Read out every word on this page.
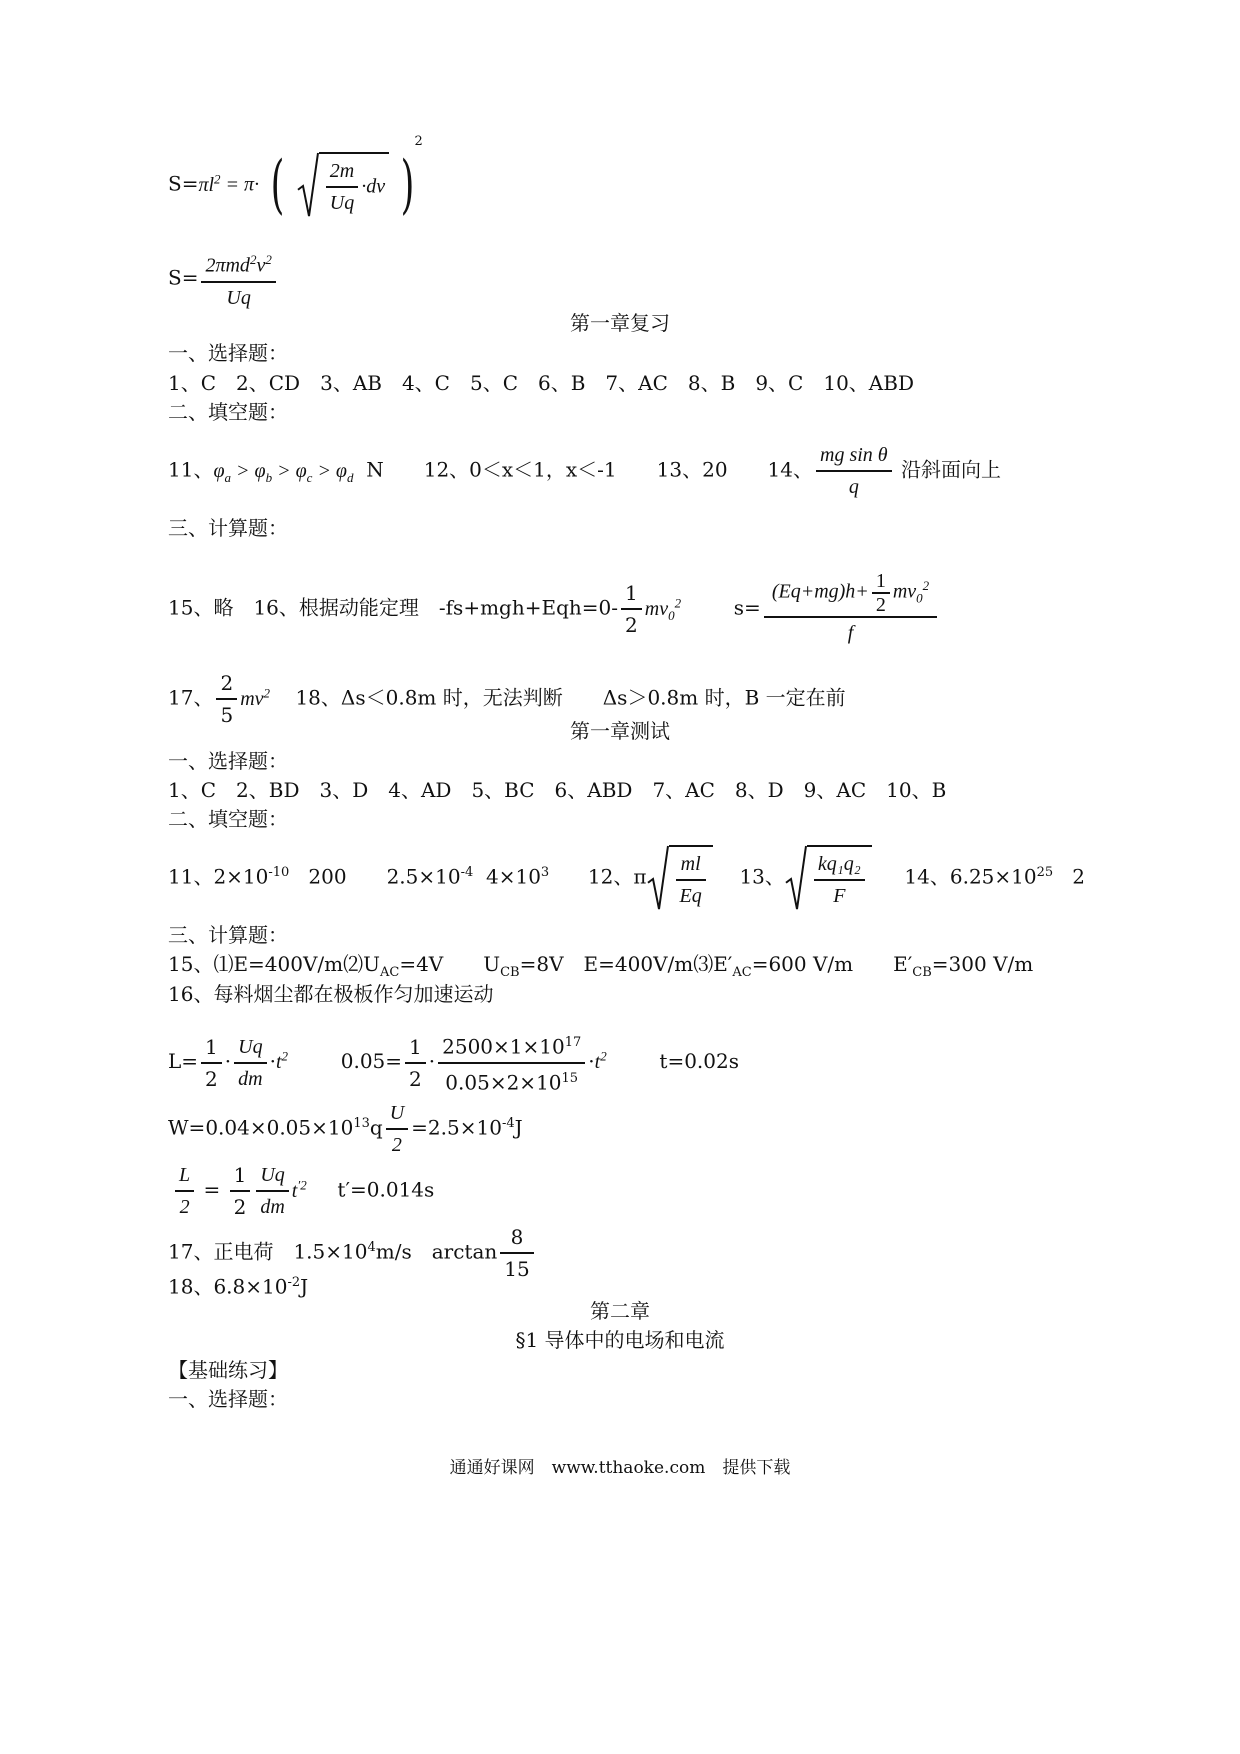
$S=\pi l^2 = \pi\cdot$ ( $\frac{2m}{Uq} \cdot dv$ )$^2$
$S= \frac{2\pi md^2v^2}{Uq}$
第一章复习
一、选择题：
1、C　2、CD　3、AB　4、C　5、C　6、B　7、AC　8、B　9、C　10、ABD
二、填空题：
11、$\varphi_a > \varphi_b > \varphi_c > \varphi_d$ N　　12、0＜x＜1，x＜-1　　13、20　　14、 $\frac{\text{mg sin θ}}{q}$ 沿斜面向上
三、计算题：
15、略　16、根据动能定理　$-fs+mgh+Eqh=0- \frac{1}{2} mv_0^2$	$s= \frac{(Eq+mg)h+ \frac{1}{2} mv_0^2}{f}$
17、 $\frac{2}{5} mv^2$ 18、Δs＜0.8m 时，无法判断　　Δs＞0.8m 时，B 一定在前
第一章测试
一、选择题：
1、C　2、BD　3、D　4、AD　5、BC　6、ABD　7、AC　8、D　9、AC　10、B
二、填空题：
11、$2\times 10^{-10}$ 200　　$2.5\times 10^{-4}$ $4\times 10^3$ 12、π $\frac{ml}{Eq} 13$、 $\frac{\text{kq₁q₂}}{F} 14$、$6.25\times 10^{25}$ 2
三、计算题：
15、$⑴E=400V/m⑵U_{AC}=4V$　　$U_{CB}=8V$　$E=400V/m⑶E'_{AC}=600$ V/m　　$E'_{CB}=300$ V/m
16、每料烟尘都在极板作匀加速运动
$L= \frac{1}{2} \cdot \frac{Uq}{dm} \cdot t^2$	$0.05= \frac{1}{2} \cdot \frac{2500\times 1\times 10^{17}}{0.05\times 2\times 10^{15}} \cdot t^2$	t=0.02s
$W=0.04\times 0.05\times 10^{13}q \frac{U}{2} =2.5\times 10^{-4}J$
$\frac{L}{2} = \frac{1}{2} \frac{Uq}{dm} t^{'2}$ t′=0.014s
17、正电荷　$1.5\times 10^4m/s$　$\arctan \frac{8}{15}$
18、$6.8\times 10^{-2}J$
第二章
§1 导体中的电场和电流
【基础练习】
一、选择题：
通通好课网　www.tthaoke.com　提供下载
